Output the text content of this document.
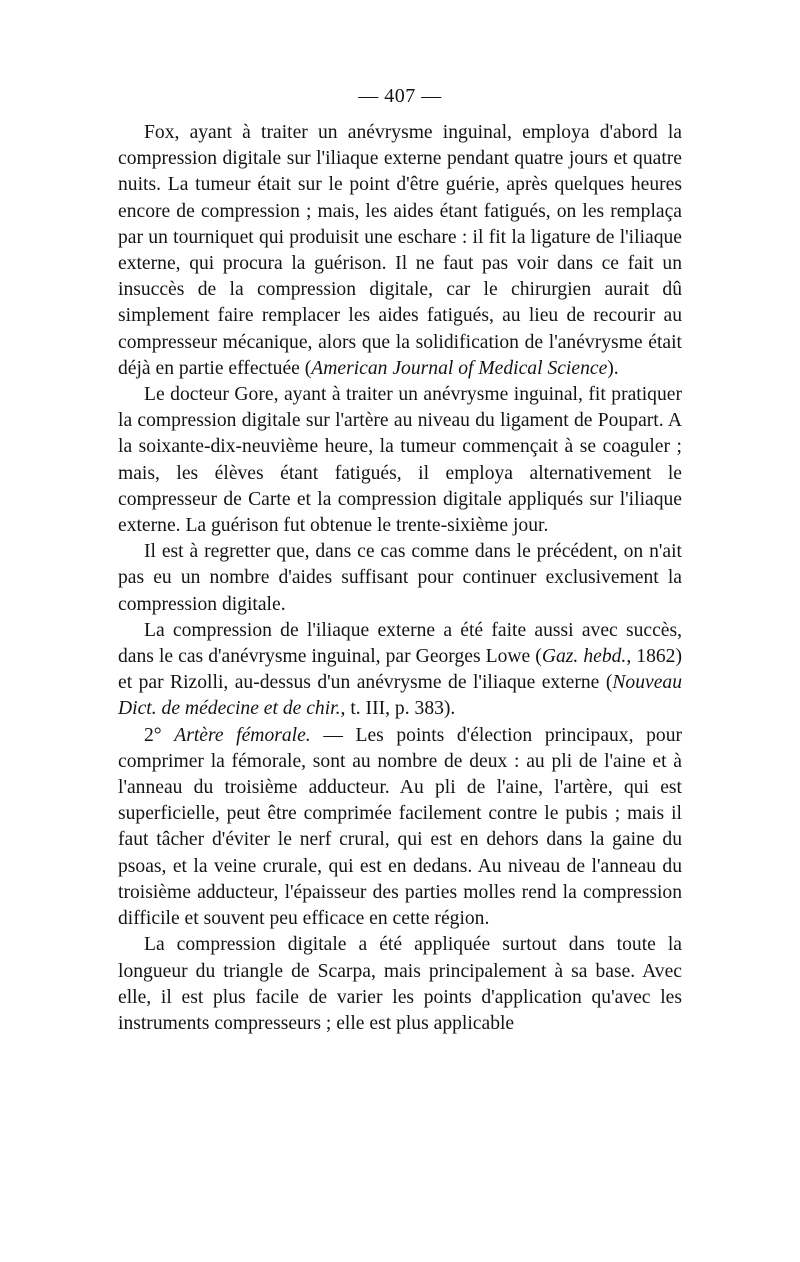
— 407 —

Fox, ayant à traiter un anévrysme inguinal, employa d'abord la compression digitale sur l'iliaque externe pendant quatre jours et quatre nuits. La tumeur était sur le point d'être guérie, après quelques heures encore de compression ; mais, les aides étant fatigués, on les remplaça par un tourniquet qui produisit une eschare : il fit la ligature de l'iliaque externe, qui procura la guérison. Il ne faut pas voir dans ce fait un insuccès de la compression digitale, car le chirurgien aurait dû simplement faire remplacer les aides fatigués, au lieu de recourir au compresseur mécanique, alors que la solidification de l'anévrysme était déjà en partie effectuée (American Journal of Medical Science).

Le docteur Gore, ayant à traiter un anévrysme inguinal, fit pratiquer la compression digitale sur l'artère au niveau du ligament de Poupart. A la soixante-dix-neuvième heure, la tumeur commençait à se coaguler ; mais, les élèves étant fatigués, il employa alternativement le compresseur de Carte et la compression digitale appliqués sur l'iliaque externe. La guérison fut obtenue le trente-sixième jour.

Il est à regretter que, dans ce cas comme dans le précédent, on n'ait pas eu un nombre d'aides suffisant pour continuer exclusivement la compression digitale.

La compression de l'iliaque externe a été faite aussi avec succès, dans le cas d'anévrysme inguinal, par Georges Lowe (Gaz. hebd., 1862) et par Rizolli, au-dessus d'un anévrysme de l'iliaque externe (Nouveau Dict. de médecine et de chir., t. III, p. 383).

2° Artère fémorale. — Les points d'élection principaux, pour comprimer la fémorale, sont au nombre de deux : au pli de l'aine et à l'anneau du troisième adducteur. Au pli de l'aine, l'artère, qui est superficielle, peut être comprimée facilement contre le pubis ; mais il faut tâcher d'éviter le nerf crural, qui est en dehors dans la gaine du psoas, et la veine crurale, qui est en dedans. Au niveau de l'anneau du troisième adducteur, l'épaisseur des parties molles rend la compression difficile et souvent peu efficace en cette région.

La compression digitale a été appliquée surtout dans toute la longueur du triangle de Scarpa, mais principalement à sa base. Avec elle, il est plus facile de varier les points d'application qu'avec les instruments compresseurs ; elle est plus applicable
